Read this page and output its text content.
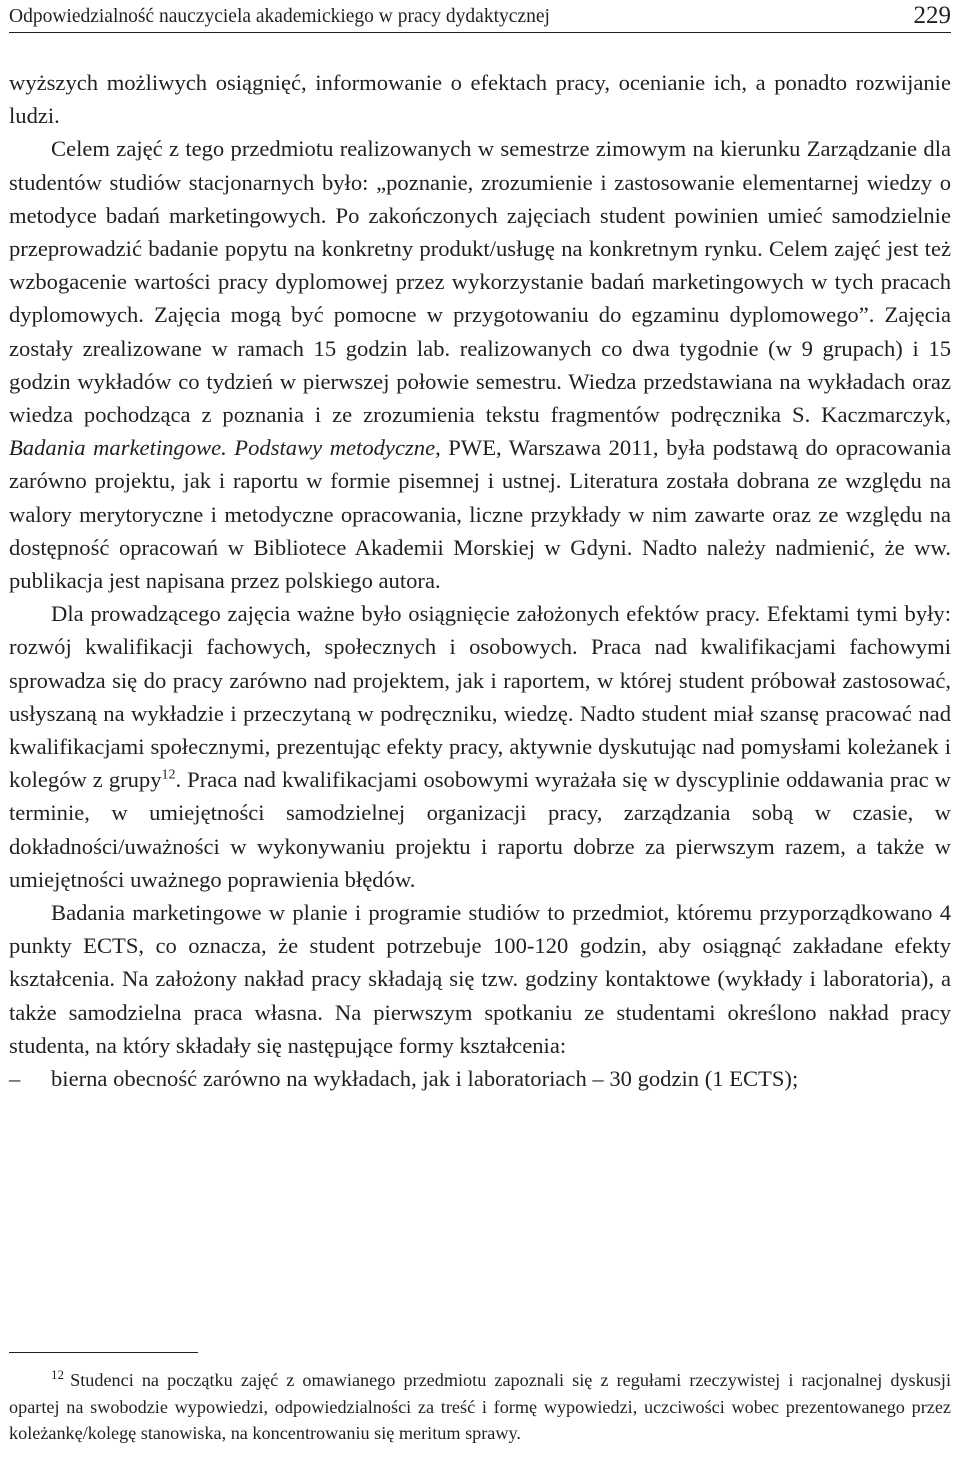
Odpowiedzialność nauczyciela akademickiego w pracy dydaktycznej	229

wyższych możliwych osiągnięć, informowanie o efektach pracy, ocenianie ich, a ponadto rozwijanie ludzi.

Celem zajęć z tego przedmiotu realizowanych w semestrze zimowym na kierunku Zarządzanie dla studentów studiów stacjonarnych było: „poznanie, zrozumienie i zastosowanie elementarnej wiedzy o metodyce badań marketingowych. Po zakończonych zajęciach student powinien umieć samodzielnie przeprowadzić badanie popytu na konkretny produkt/usługę na konkretnym rynku. Celem zajęć jest też wzbogacenie wartości pracy dyplomowej przez wykorzystanie badań marketingowych w tych pracach dyplomowych. Zajęcia mogą być pomocne w przygotowaniu do egzaminu dyplomowego”. Zajęcia zostały zrealizowane w ramach 15 godzin lab. realizowanych co dwa tygodnie (w 9 grupach) i 15 godzin wykładów co tydzień w pierwszej połowie semestru. Wiedza przedstawiana na wykładach oraz wiedza pochodząca z poznania i ze zrozumienia tekstu fragmentów podręcznika S. Kaczmarczyk, Badania marketingowe. Podstawy metodyczne, PWE, Warszawa 2011, była podstawą do opracowania zarówno projektu, jak i raportu w formie pisemnej i ustnej. Literatura została dobrana ze względu na walory merytoryczne i metodyczne opracowania, liczne przykłady w nim zawarte oraz ze względu na dostępność opracowań w Bibliotece Akademii Morskiej w Gdyni. Nadto należy nadmienić, że ww. publikacja jest napisana przez polskiego autora.

Dla prowadzącego zajęcia ważne było osiągnięcie założonych efektów pracy. Efektami tymi były: rozwój kwalifikacji fachowych, społecznych i osobowych. Praca nad kwalifikacjami fachowymi sprowadza się do pracy zarówno nad projektem, jak i raportem, w której student próbował zastosować, usłyszaną na wykładzie i przeczytaną w podręczniku, wiedzę. Nadto student miał szansę pracować nad kwalifikacjami społecznymi, prezentując efekty pracy, aktywnie dyskutując nad pomysłami koleżanek i kolegów z grupy$^{12}$. Praca nad kwalifikacjami osobowymi wyrażała się w dyscyplinie oddawania prac w terminie, w umiejętności samodzielnej organizacji pracy, zarządzania sobą w czasie, w dokładności/uważności w wykonywaniu projektu i raportu dobrze za pierwszym razem, a także w umiejętności uważnego poprawienia błędów.

Badania marketingowe w planie i programie studiów to przedmiot, któremu przyporządkowano 4 punkty ECTS, co oznacza, że student potrzebuje 100-120 godzin, aby osiągnąć zakładane efekty kształcenia. Na założony nakład pracy składają się tzw. godziny kontaktowe (wykłady i laboratoria), a także samodzielna praca własna. Na pierwszym spotkaniu ze studentami określono nakład pracy studenta, na który składały się następujące formy kształcenia:

–	bierna obecność zarówno na wykładach, jak i laboratoriach – 30 godzin (1 ECTS);

$^{12}$ Studenci na początku zajęć z omawianego przedmiotu zapoznali się z regułami rzeczywistej i racjonalnej dyskusji opartej na swobodzie wypowiedzi, odpowiedzialności za treść i formę wypowiedzi, uczciwości wobec prezentowanego przez koleżankę/kolegę stanowiska, na koncentrowaniu się meritum sprawy.
